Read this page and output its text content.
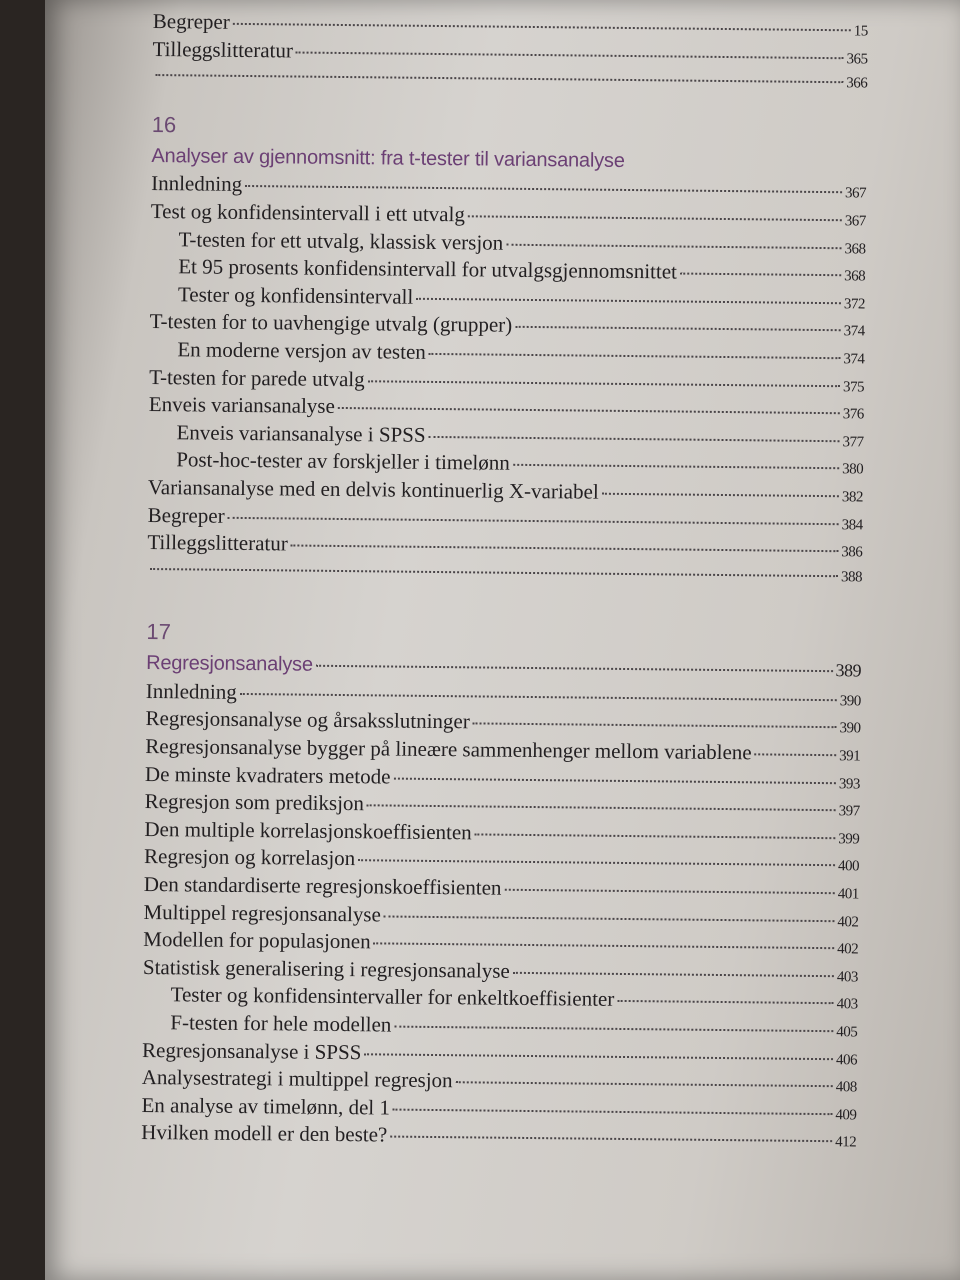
Begreper	15
Tilleggslitteratur	365
366
16
Analyser av gjennomsnitt: fra t-tester til variansanalyse
Innledning	367
Test og konfidensintervall i ett utvalg	367
T-testen for ett utvalg, klassisk versjon	368
Et 95 prosents konfidensintervall for utvalgsgjennomsnittet	368
Tester og konfidensintervall	372
T-testen for to uavhengige utvalg (grupper)	374
En moderne versjon av testen	374
T-testen for parede utvalg	375
Enveis variansanalyse	376
Enveis variansanalyse i SPSS	377
Post-hoc-tester av forskjeller i timelønn	380
Variansanalyse med en delvis kontinuerlig X-variabel	382
Begreper	384
Tilleggslitteratur	386
388
17
Regresjonsanalyse	389
Innledning	390
Regresjonsanalyse og årsaksslutninger	390
Regresjonsanalyse bygger på lineære sammenhenger mellom variablene	391
De minste kvadraters metode	393
Regresjon som prediksjon	397
Den multiple korrelasjonskoeffisienten	399
Regresjon og korrelasjon	400
Den standardiserte regresjonskoeffisienten	401
Multippel regresjonsanalyse	402
Modellen for populasjonen	402
Statistisk generalisering i regresjonsanalyse	403
Tester og konfidensintervaller for enkeltkoeffisienter	403
F-testen for hele modellen	405
Regresjonsanalyse i SPSS	406
Analysestrategi i multippel regresjon	408
En analyse av timelønn, del 1	409
Hvilken modell er den beste?	412
